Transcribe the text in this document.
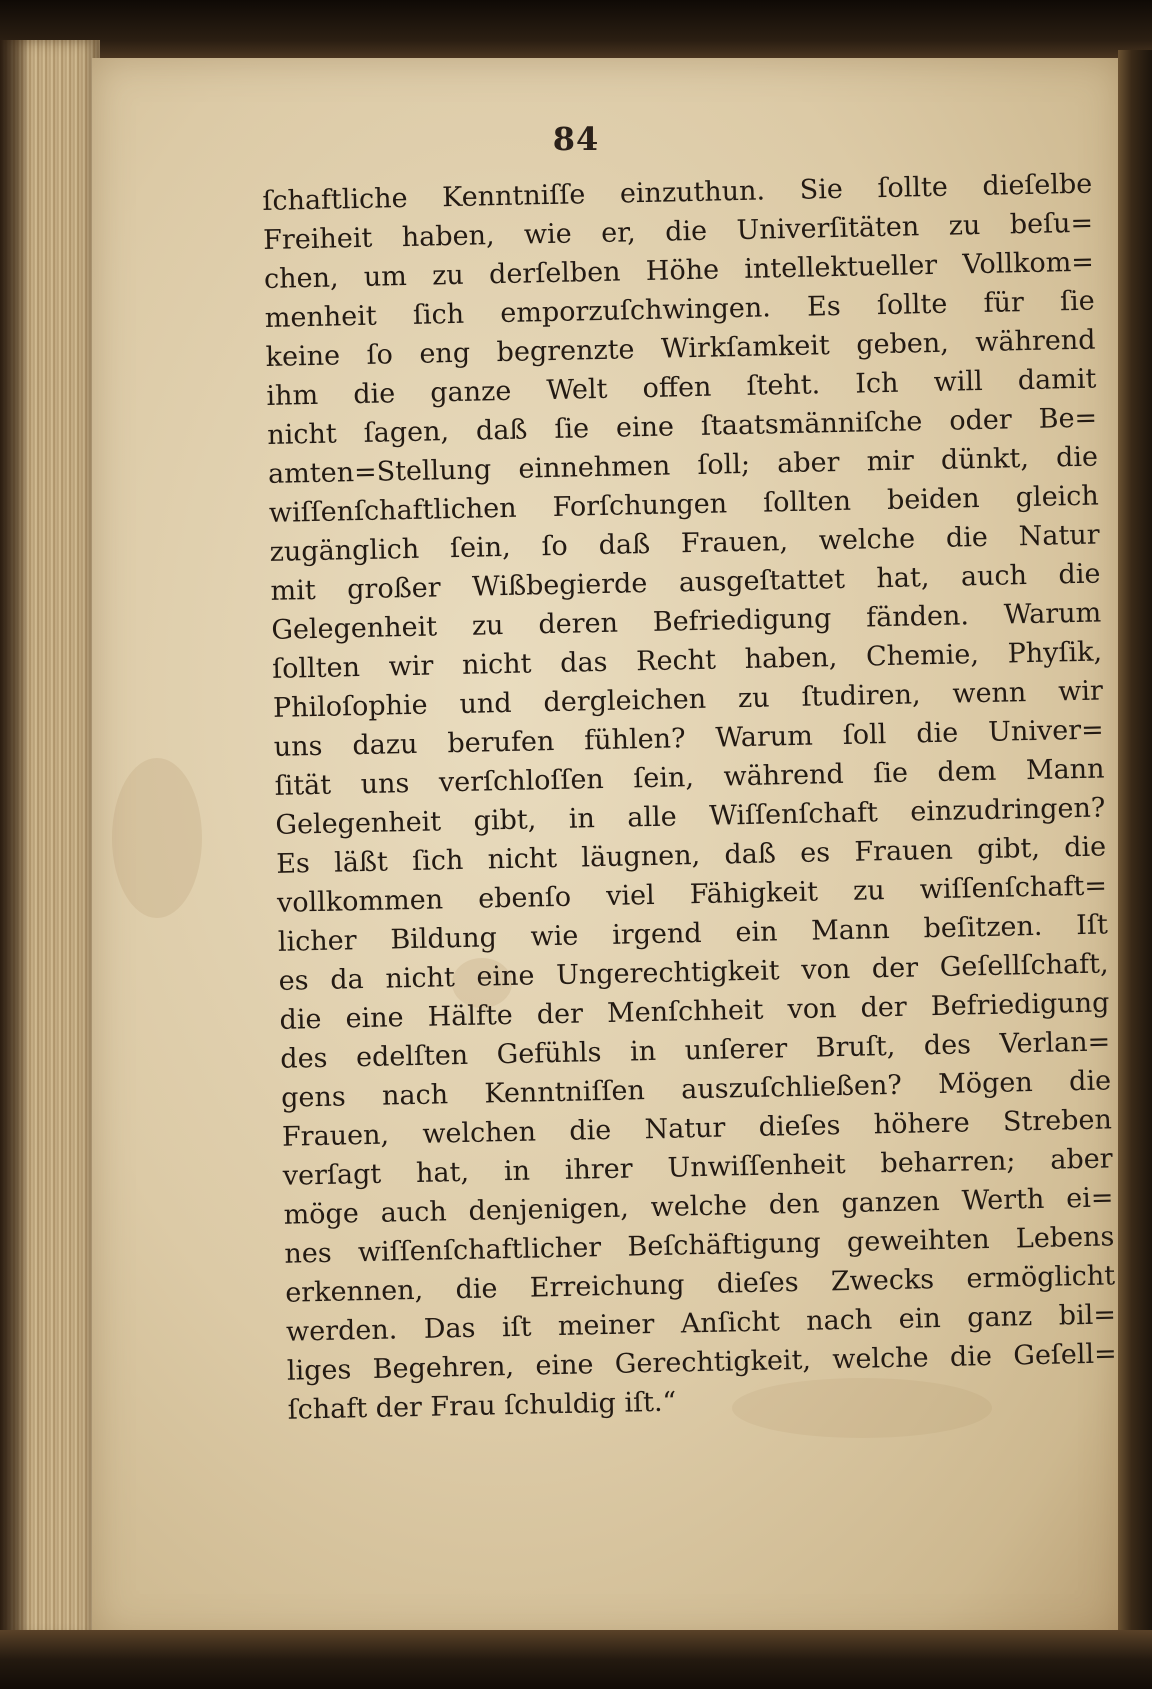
84
ſchaftliche Kenntniſſe einzuthun. Sie ſollte dieſelbe
Freiheit haben, wie er, die Univerſitäten zu beſu=
chen, um zu derſelben Höhe intellektueller Vollkom=
menheit ſich emporzuſchwingen. Es ſollte für ſie
keine ſo eng begrenzte Wirkſamkeit geben, während
ihm die ganze Welt offen ſteht. Ich will damit
nicht ſagen, daß ſie eine ſtaatsmänniſche oder Be=
amten=Stellung einnehmen ſoll; aber mir dünkt, die
wiſſenſchaftlichen Forſchungen ſollten beiden gleich
zugänglich ſein, ſo daß Frauen, welche die Natur
mit großer Wißbegierde ausgeſtattet hat, auch die
Gelegenheit zu deren Befriedigung fänden. Warum
ſollten wir nicht das Recht haben, Chemie, Phyſik,
Philoſophie und dergleichen zu ſtudiren, wenn wir
uns dazu berufen fühlen? Warum ſoll die Univer=
ſität uns verſchloſſen ſein, während ſie dem Mann
Gelegenheit gibt, in alle Wiſſenſchaft einzudringen?
Es läßt ſich nicht läugnen, daß es Frauen gibt, die
vollkommen ebenſo viel Fähigkeit zu wiſſenſchaft=
licher Bildung wie irgend ein Mann beſitzen. Iſt
es da nicht eine Ungerechtigkeit von der Geſellſchaft,
die eine Hälfte der Menſchheit von der Befriedigung
des edelſten Gefühls in unſerer Bruſt, des Verlan=
gens nach Kenntniſſen auszuſchließen? Mögen die
Frauen, welchen die Natur dieſes höhere Streben
verſagt hat, in ihrer Unwiſſenheit beharren; aber
möge auch denjenigen, welche den ganzen Werth ei=
nes wiſſenſchaftlicher Beſchäftigung geweihten Lebens
erkennen, die Erreichung dieſes Zwecks ermöglicht
werden. Das iſt meiner Anſicht nach ein ganz bil=
liges Begehren, eine Gerechtigkeit, welche die Geſell=
ſchaft der Frau ſchuldig iſt.“
